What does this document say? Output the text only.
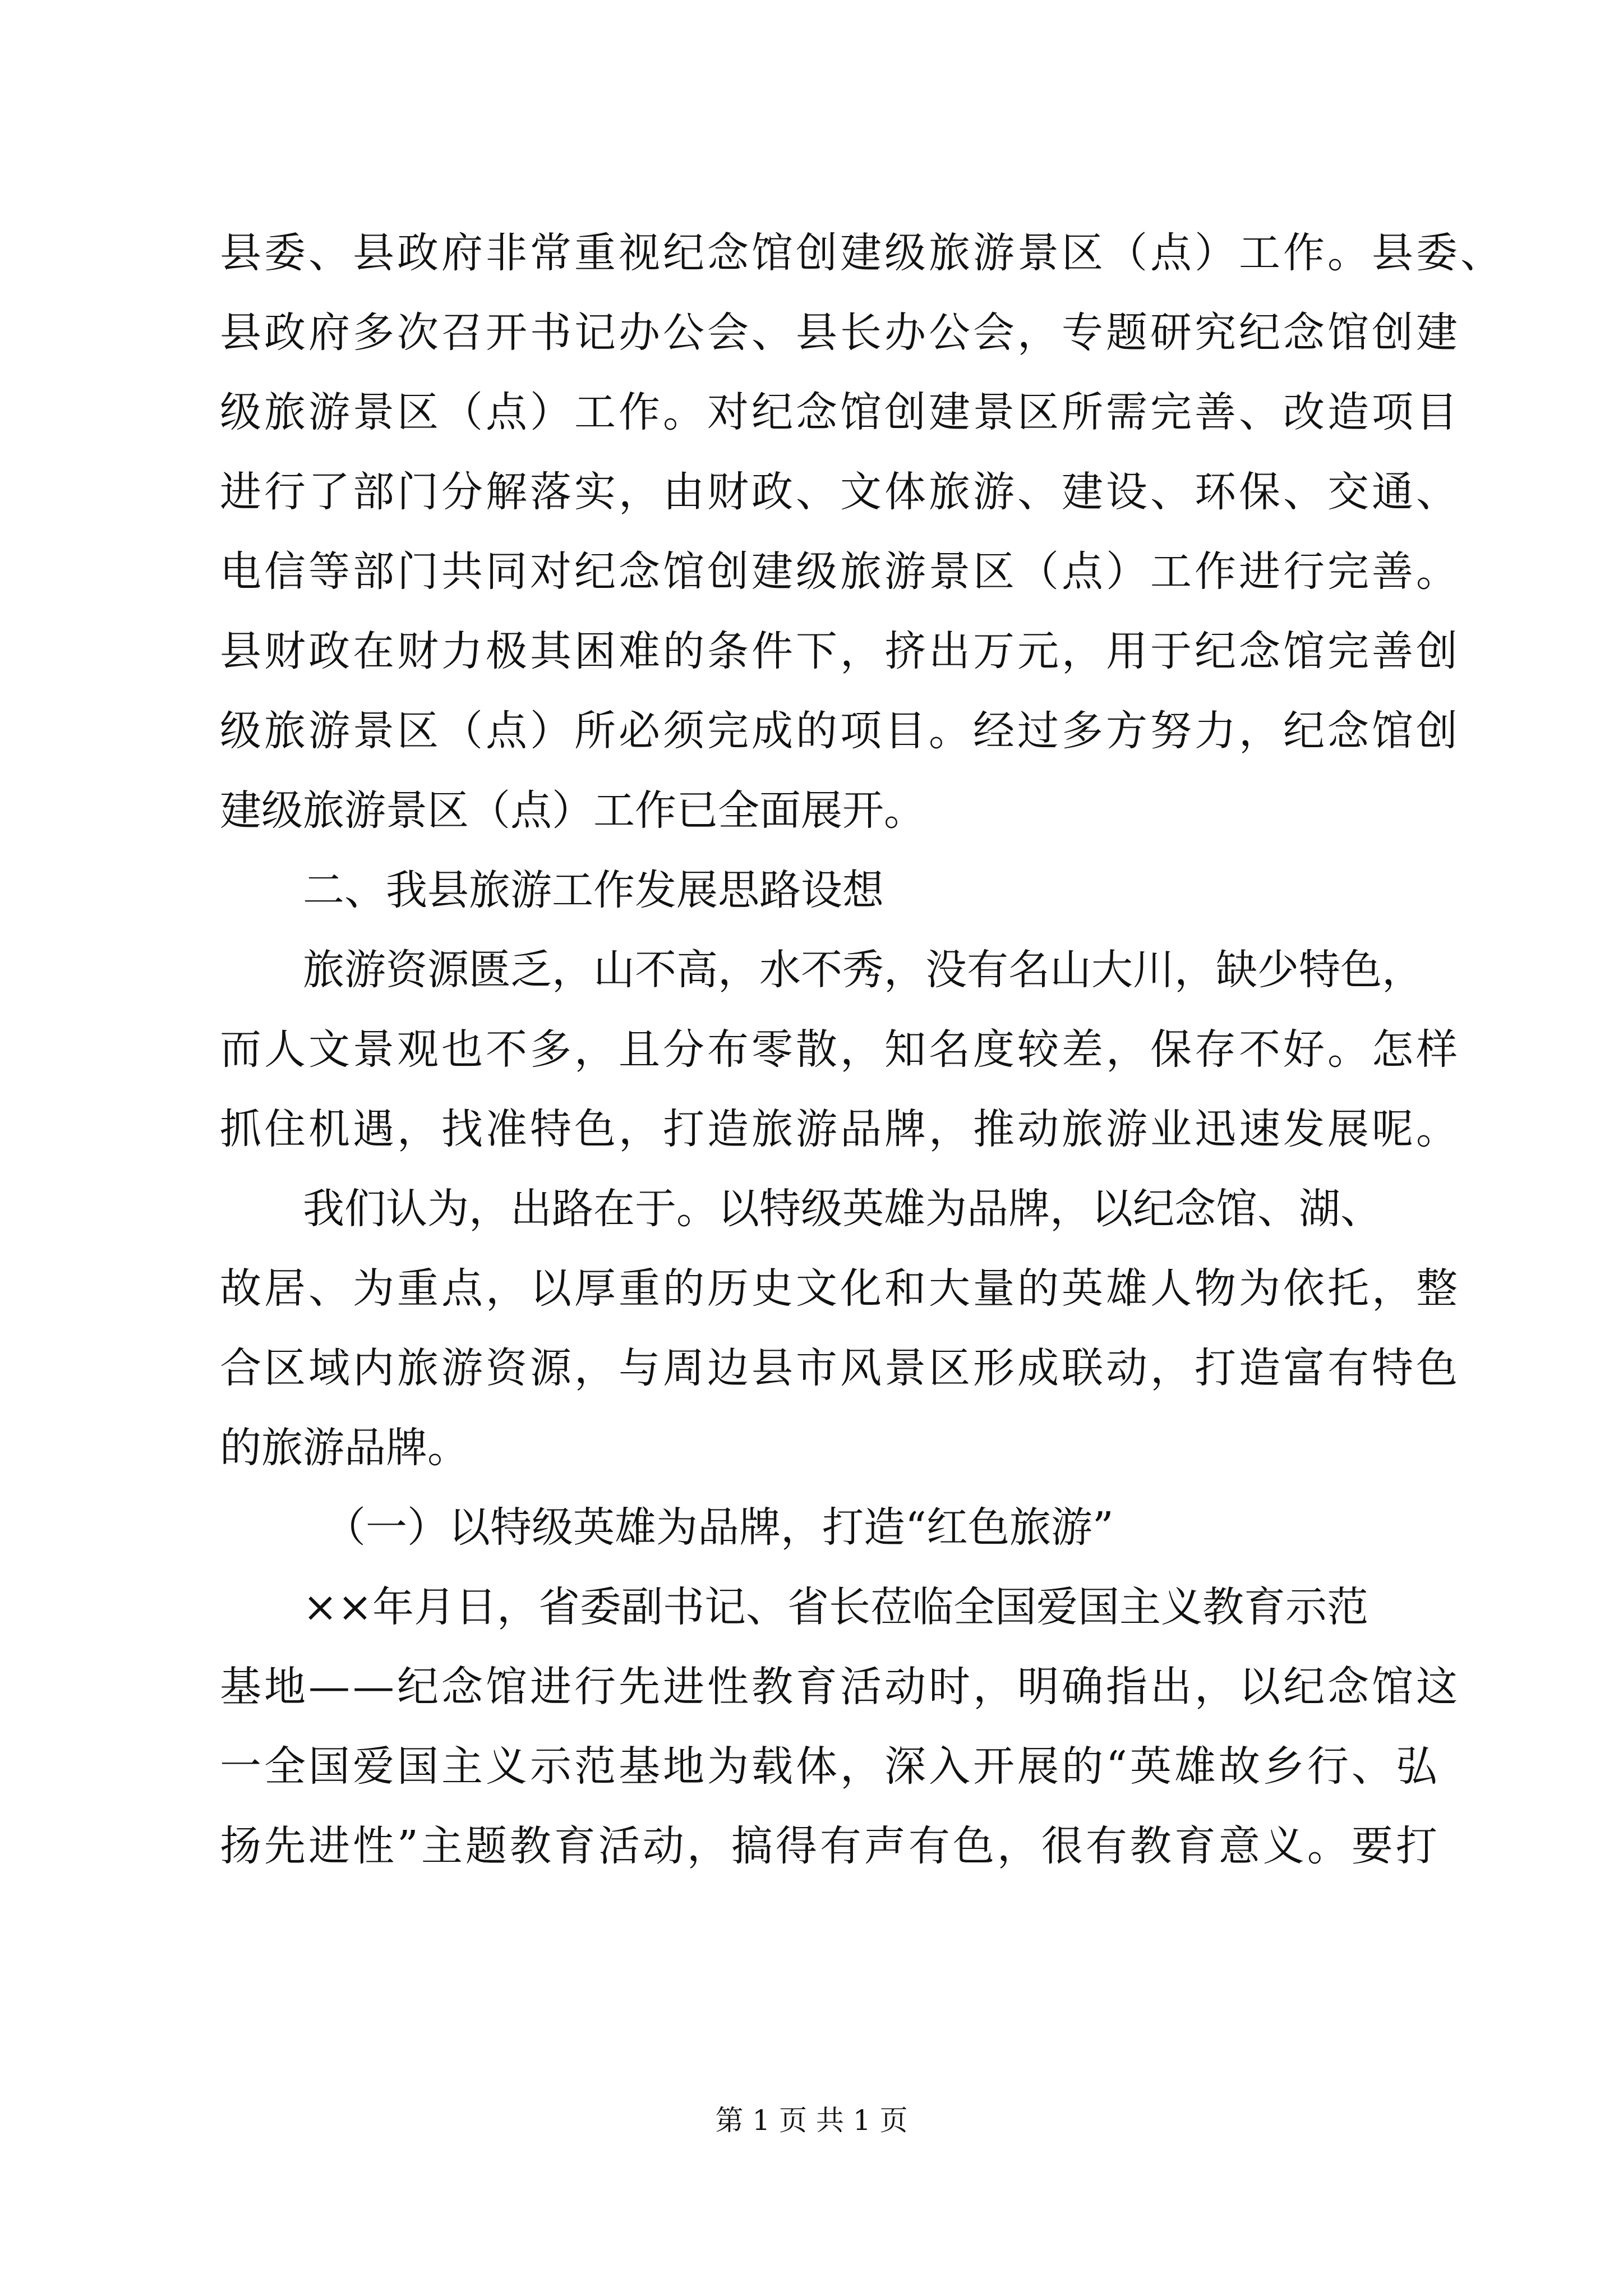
县委、县政府非常重视纪念馆创建级旅游景区（点）工作。县委、
县政府多次召开书记办公会、县长办公会，专题研究纪念馆创建
级旅游景区（点）工作。对纪念馆创建景区所需完善、改造项目
进行了部门分解落实，由财政、文体旅游、建设、环保、交通、
电信等部门共同对纪念馆创建级旅游景区（点）工作进行完善。
县财政在财力极其困难的条件下，挤出万元，用于纪念馆完善创
级旅游景区（点）所必须完成的项目。经过多方努力，纪念馆创
建级旅游景区（点）工作已全面展开。
二、我县旅游工作发展思路设想
旅游资源匮乏，山不高，水不秀，没有名山大川，缺少特色，
而人文景观也不多，且分布零散，知名度较差，保存不好。怎样
抓住机遇，找准特色，打造旅游品牌，推动旅游业迅速发展呢。
我们认为，出路在于。以特级英雄为品牌，以纪念馆、湖、
故居、为重点，以厚重的历史文化和大量的英雄人物为依托，整
合区域内旅游资源，与周边县市风景区形成联动，打造富有特色
的旅游品牌。
（一）以特级英雄为品牌，打造“红色旅游”
××年月日，省委副书记、省长莅临全国爱国主义教育示范
基地——纪念馆进行先进性教育活动时，明确指出，以纪念馆这
一全国爱国主义示范基地为载体，深入开展的“英雄故乡行、弘
扬先进性”主题教育活动，搞得有声有色，很有教育意义。要打
第 1 页 共 1 页
